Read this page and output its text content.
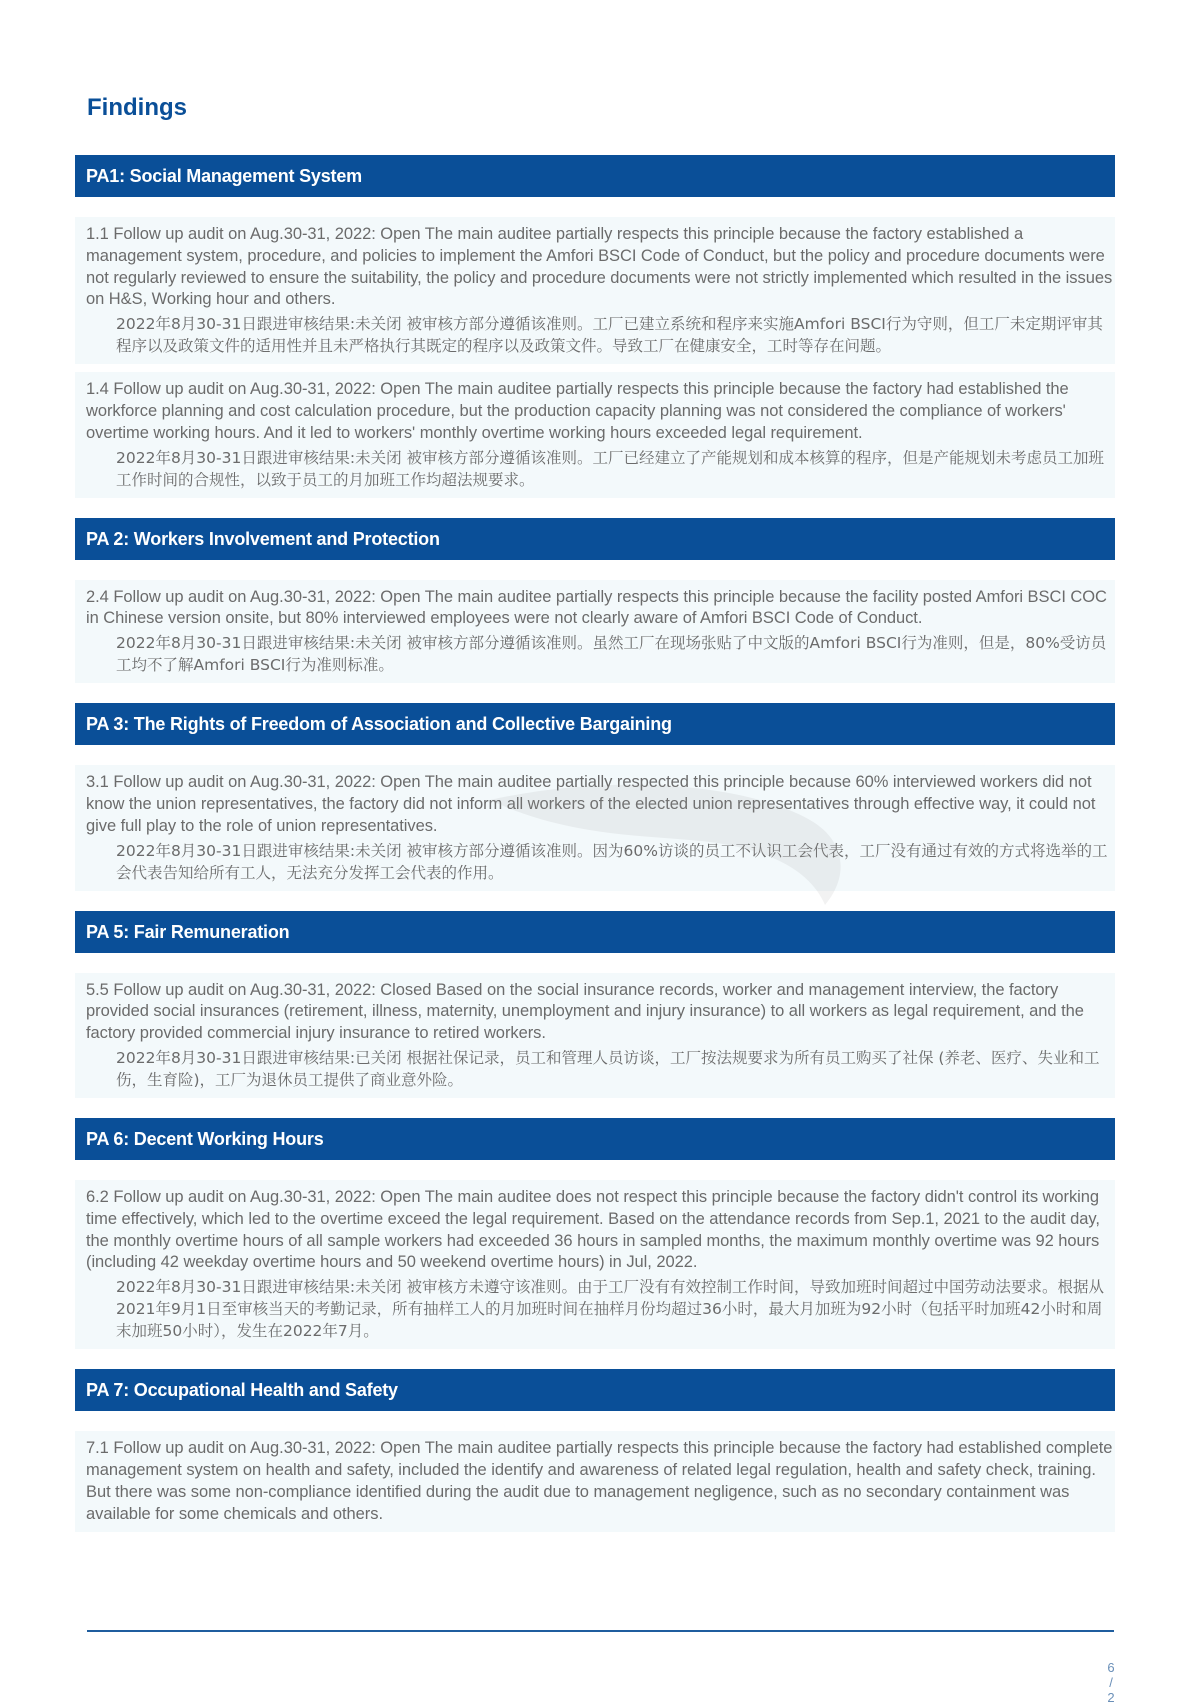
Findings
PA1: Social Management System
1.1 Follow up audit on Aug.30-31, 2022: Open The main auditee partially respects this principle because the factory established a management system, procedure, and policies to implement the Amfori BSCI Code of Conduct, but the policy and procedure documents were not regularly reviewed to ensure the suitability, the policy and procedure documents were not strictly implemented which resulted in the issues on H&S, Working hour and others.
2022年8月30-31日跟进审核结果:未关闭 被审核方部分遵循该准则。工厂已建立系统和程序来实施Amfori BSCI行为守则，但工厂未定期评审其程序以及政策文件的适用性并且未严格执行其既定的程序以及政策文件。导致工厂在健康安全，工时等存在问题。
1.4 Follow up audit on Aug.30-31, 2022: Open The main auditee partially respects this principle because the factory had established the workforce planning and cost calculation procedure, but the production capacity planning was not considered the compliance of workers' overtime working hours. And it led to workers' monthly overtime working hours exceeded legal requirement.
2022年8月30-31日跟进审核结果:未关闭 被审核方部分遵循该准则。工厂已经建立了产能规划和成本核算的程序，但是产能规划未考虑员工加班工作时间的合规性，以致于员工的月加班工作均超法规要求。
PA 2: Workers Involvement and Protection
2.4 Follow up audit on Aug.30-31, 2022: Open The main auditee partially respects this principle because the facility posted Amfori BSCI COC in Chinese version onsite, but 80% interviewed employees were not clearly aware of Amfori BSCI Code of Conduct.
2022年8月30-31日跟进审核结果:未关闭 被审核方部分遵循该准则。虽然工厂在现场张贴了中文版的Amfori BSCI行为准则，但是，80%受访员工均不了解Amfori BSCI行为准则标准。
PA 3: The Rights of Freedom of Association and Collective Bargaining
3.1 Follow up audit on Aug.30-31, 2022: Open The main auditee partially respected this principle because 60% interviewed workers did not know the union representatives, the factory did not inform all workers of the elected union representatives through effective way, it could not give full play to the role of union representatives.
2022年8月30-31日跟进审核结果:未关闭 被审核方部分遵循该准则。因为60%访谈的员工不认识工会代表，工厂没有通过有效的方式将选举的工会代表告知给所有工人，无法充分发挥工会代表的作用。
PA 5: Fair Remuneration
5.5 Follow up audit on Aug.30-31, 2022: Closed Based on the social insurance records, worker and management interview, the factory provided social insurances (retirement, illness, maternity, unemployment and injury insurance) to all workers as legal requirement, and the factory provided commercial injury insurance to retired workers.
2022年8月30-31日跟进审核结果:已关闭 根据社保记录，员工和管理人员访谈，工厂按法规要求为所有员工购买了社保 (养老、医疗、失业和工伤，生育险)，工厂为退休员工提供了商业意外险。
PA 6: Decent Working Hours
6.2 Follow up audit on Aug.30-31, 2022: Open The main auditee does not respect this principle because the factory didn't control its working time effectively, which led to the overtime exceed the legal requirement. Based on the attendance records from Sep.1, 2021 to the audit day, the monthly overtime hours of all sample workers had exceeded 36 hours in sampled months, the maximum monthly overtime was 92 hours (including 42 weekday overtime hours and 50 weekend overtime hours) in Jul, 2022.
2022年8月30-31日跟进审核结果:未关闭 被审核方未遵守该准则。由于工厂没有有效控制工作时间，导致加班时间超过中国劳动法要求。根据从2021年9月1日至审核当天的考勤记录，所有抽样工人的月加班时间在抽样月份均超过36小时，最大月加班为92小时（包括平时加班42小时和周末加班50小时），发生在2022年7月。
PA 7: Occupational Health and Safety
7.1 Follow up audit on Aug.30-31, 2022: Open The main auditee partially respects this principle because the factory had established complete management system on health and safety, included the identify and awareness of related legal regulation, health and safety check, training. But there was some non-compliance identified during the audit due to management negligence, such as no secondary containment was available for some chemicals and others.
6
/
2
